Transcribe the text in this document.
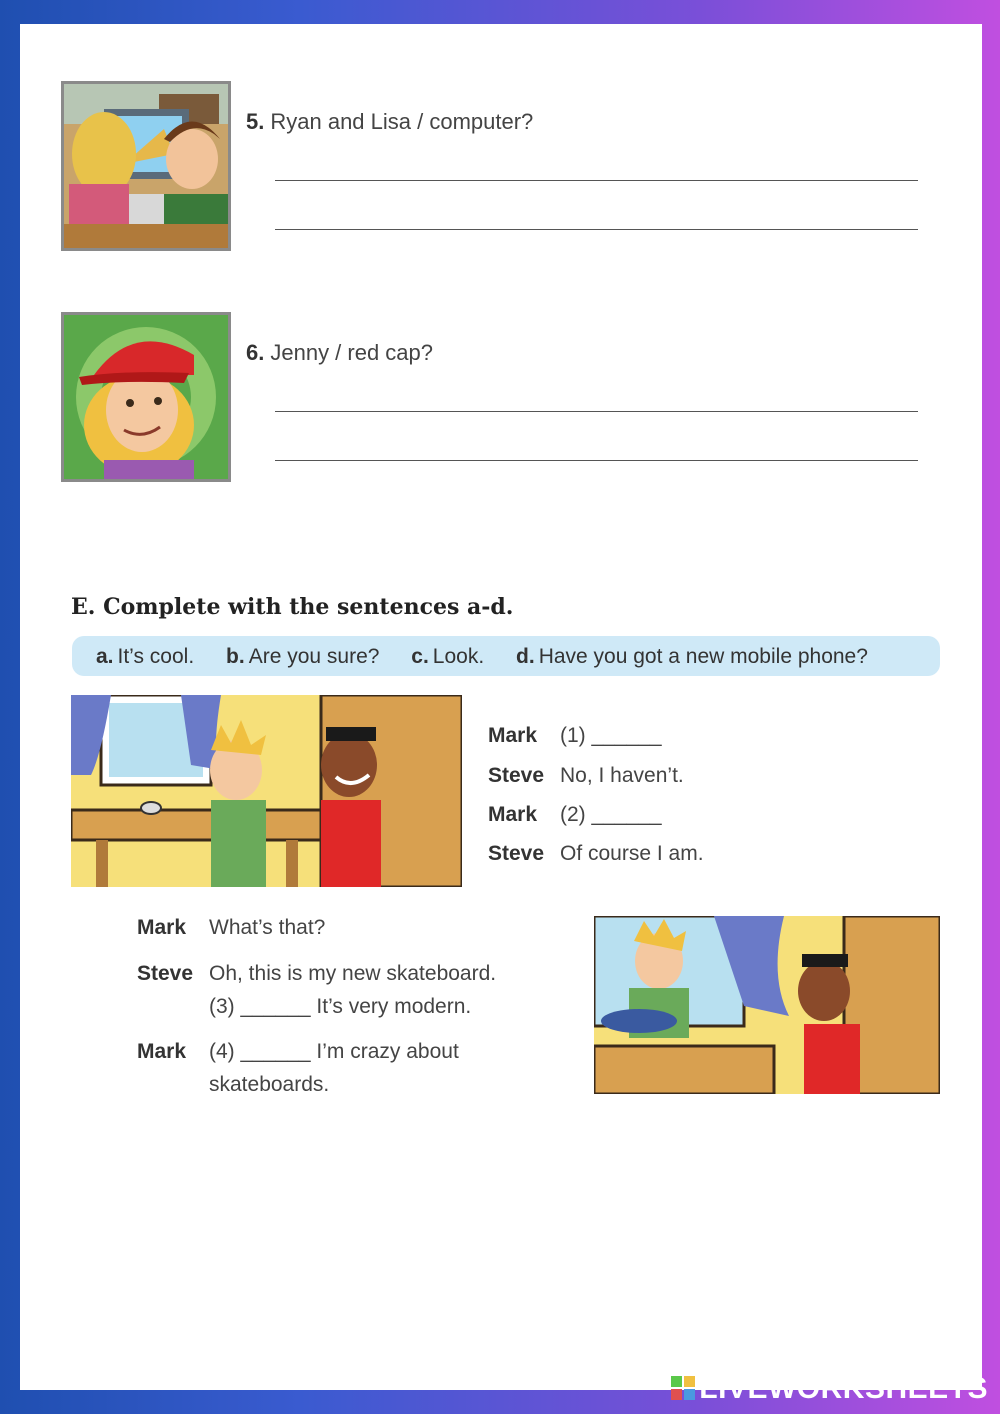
5. Ryan and Lisa / computer?
6. Jenny / red cap?
E. Complete with the sentences a-d.
a. It’s cool. b. Are you sure? c. Look. d. Have you got a new mobile phone?
Mark (1) ______
Steve No, I haven’t.
Mark (2) ______
Steve Of course I am.
Mark What’s that?
Steve Oh, this is my new skateboard.
(3) ______ It’s very modern.
Mark (4) ______ I’m crazy about
skateboards.
LIVEWORKSHEETS
